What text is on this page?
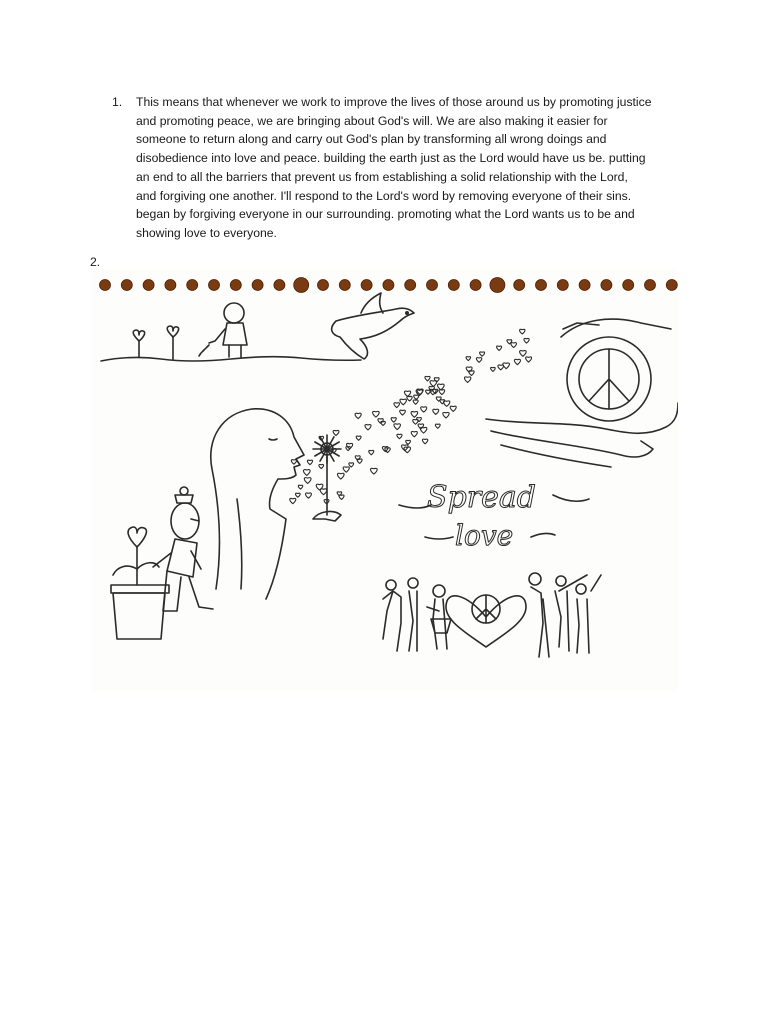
1. This means that whenever we work to improve the lives of those around us by promoting justice
and promoting peace, we are bringing about God's will. We are also making it easier for
someone to return along and carry out God's plan by transforming all wrong doings and
disobedience into love and peace. building the earth just as the Lord would have us be. putting
an end to all the barriers that prevent us from establishing a solid relationship with the Lord,
and forgiving one another. I'll respond to the Lord's word by removing everyone of their sins.
began by forgiving everyone in our surrounding. promoting what the Lord wants us to be and
showing love to everyone.
2.
Spread
love
